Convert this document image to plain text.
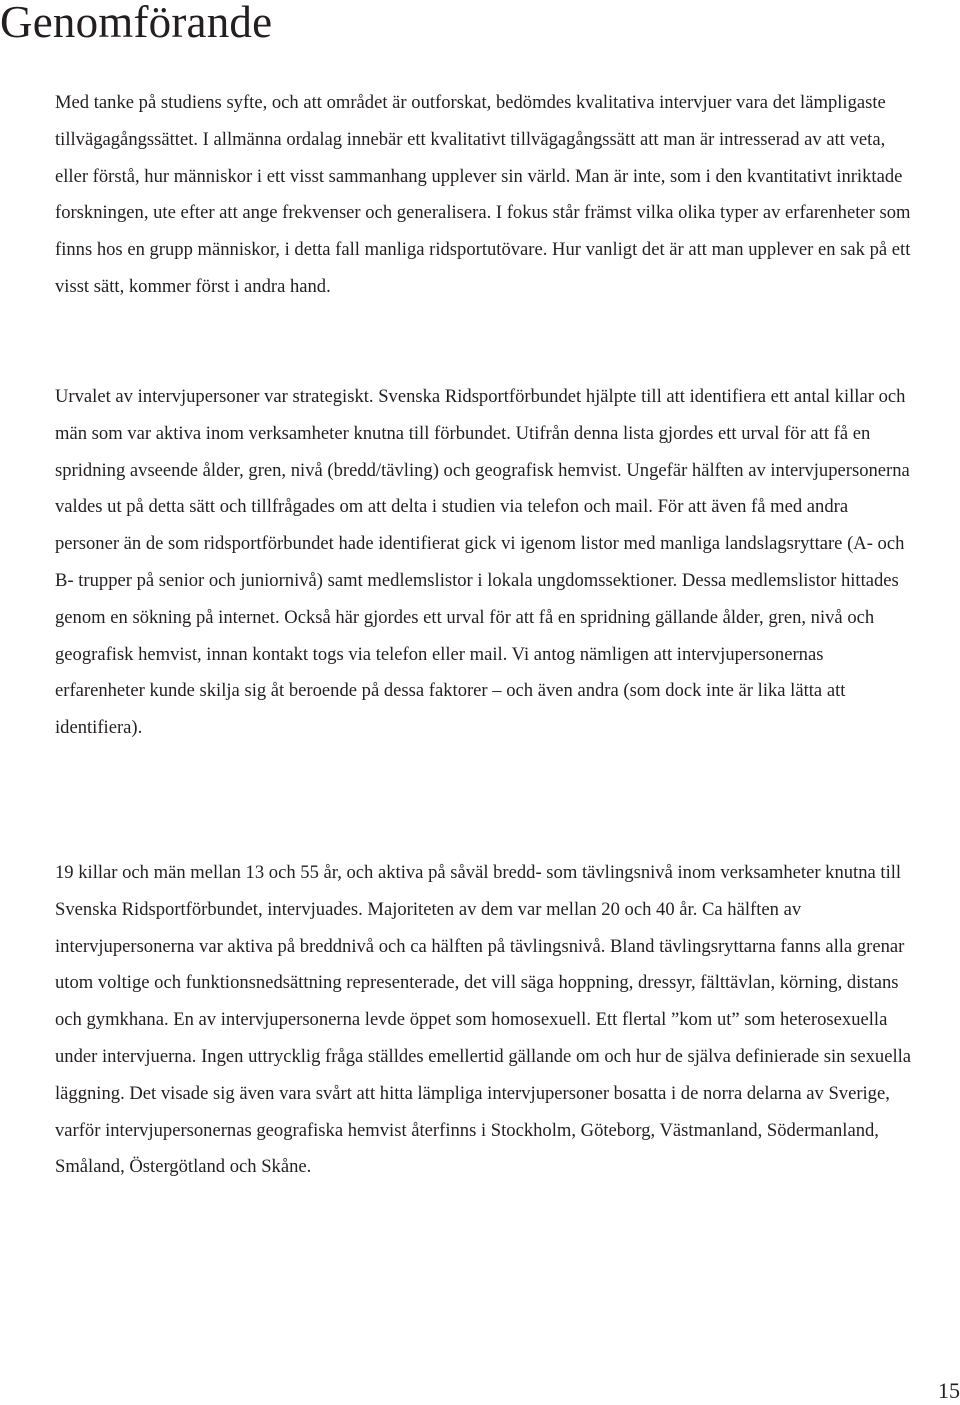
Genomförande

Med tanke på studiens syfte, och att området är outforskat, bedömdes kvalitativa intervjuer vara det lämpligaste tillvägagångssättet. I allmänna ordalag innebär ett kvalitativt tillvägagångssätt att man är intresserad av att veta, eller förstå, hur människor i ett visst sammanhang upplever sin värld. Man är inte, som i den kvantitativt inriktade forskningen, ute efter att ange frekvenser och generalisera. I fokus står främst vilka olika typer av erfarenheter som finns hos en grupp människor, i detta fall manliga ridsportutövare. Hur vanligt det är att man upplever en sak på ett visst sätt, kommer först i andra hand.

Urvalet av intervjupersoner var strategiskt. Svenska Ridsportförbundet hjälpte till att identifiera ett antal killar och män som var aktiva inom verksamheter knutna till förbundet. Utifrån denna lista gjordes ett urval för att få en spridning avseende ålder, gren, nivå (bredd/tävling) och geografisk hemvist. Ungefär hälften av intervjupersonerna valdes ut på detta sätt och tillfrågades om att delta i studien via telefon och mail. För att även få med andra personer än de som ridsportförbundet hade identifierat gick vi igenom listor med manliga landslagsryttare (A- och B- trupper på senior och juniornivå) samt medlemslistor i lokala ungdomssektioner. Dessa medlemslistor hittades genom en sökning på internet. Också här gjordes ett urval för att få en spridning gällande ålder, gren, nivå och geografisk hemvist, innan kontakt togs via telefon eller mail. Vi antog nämligen att intervjupersonernas erfarenheter kunde skilja sig åt beroende på dessa faktorer – och även andra (som dock inte är lika lätta att identifiera).

19 killar och män mellan 13 och 55 år, och aktiva på såväl bredd- som tävlingsnivå inom verksamheter knutna till Svenska Ridsportförbundet, intervjuades. Majoriteten av dem var mellan 20 och 40 år. Ca hälften av intervjupersonerna var aktiva på breddnivå och ca hälften på tävlingsnivå. Bland tävlingsryttarna fanns alla grenar utom voltige och funktionsnedsättning representerade, det vill säga hoppning, dressyr, fälttävlan, körning, distans och gymkhana. En av intervjupersonerna levde öppet som homosexuell. Ett flertal ”kom ut” som heterosexuella under intervjuerna. Ingen uttrycklig fråga ställdes emellertid gällande om och hur de själva definierade sin sexuella läggning. Det visade sig även vara svårt att hitta lämpliga intervjupersoner bosatta i de norra delarna av Sverige, varför intervjupersonernas geografiska hemvist återfinns i Stockholm, Göteborg, Västmanland, Södermanland, Småland, Östergötland och Skåne.

15
